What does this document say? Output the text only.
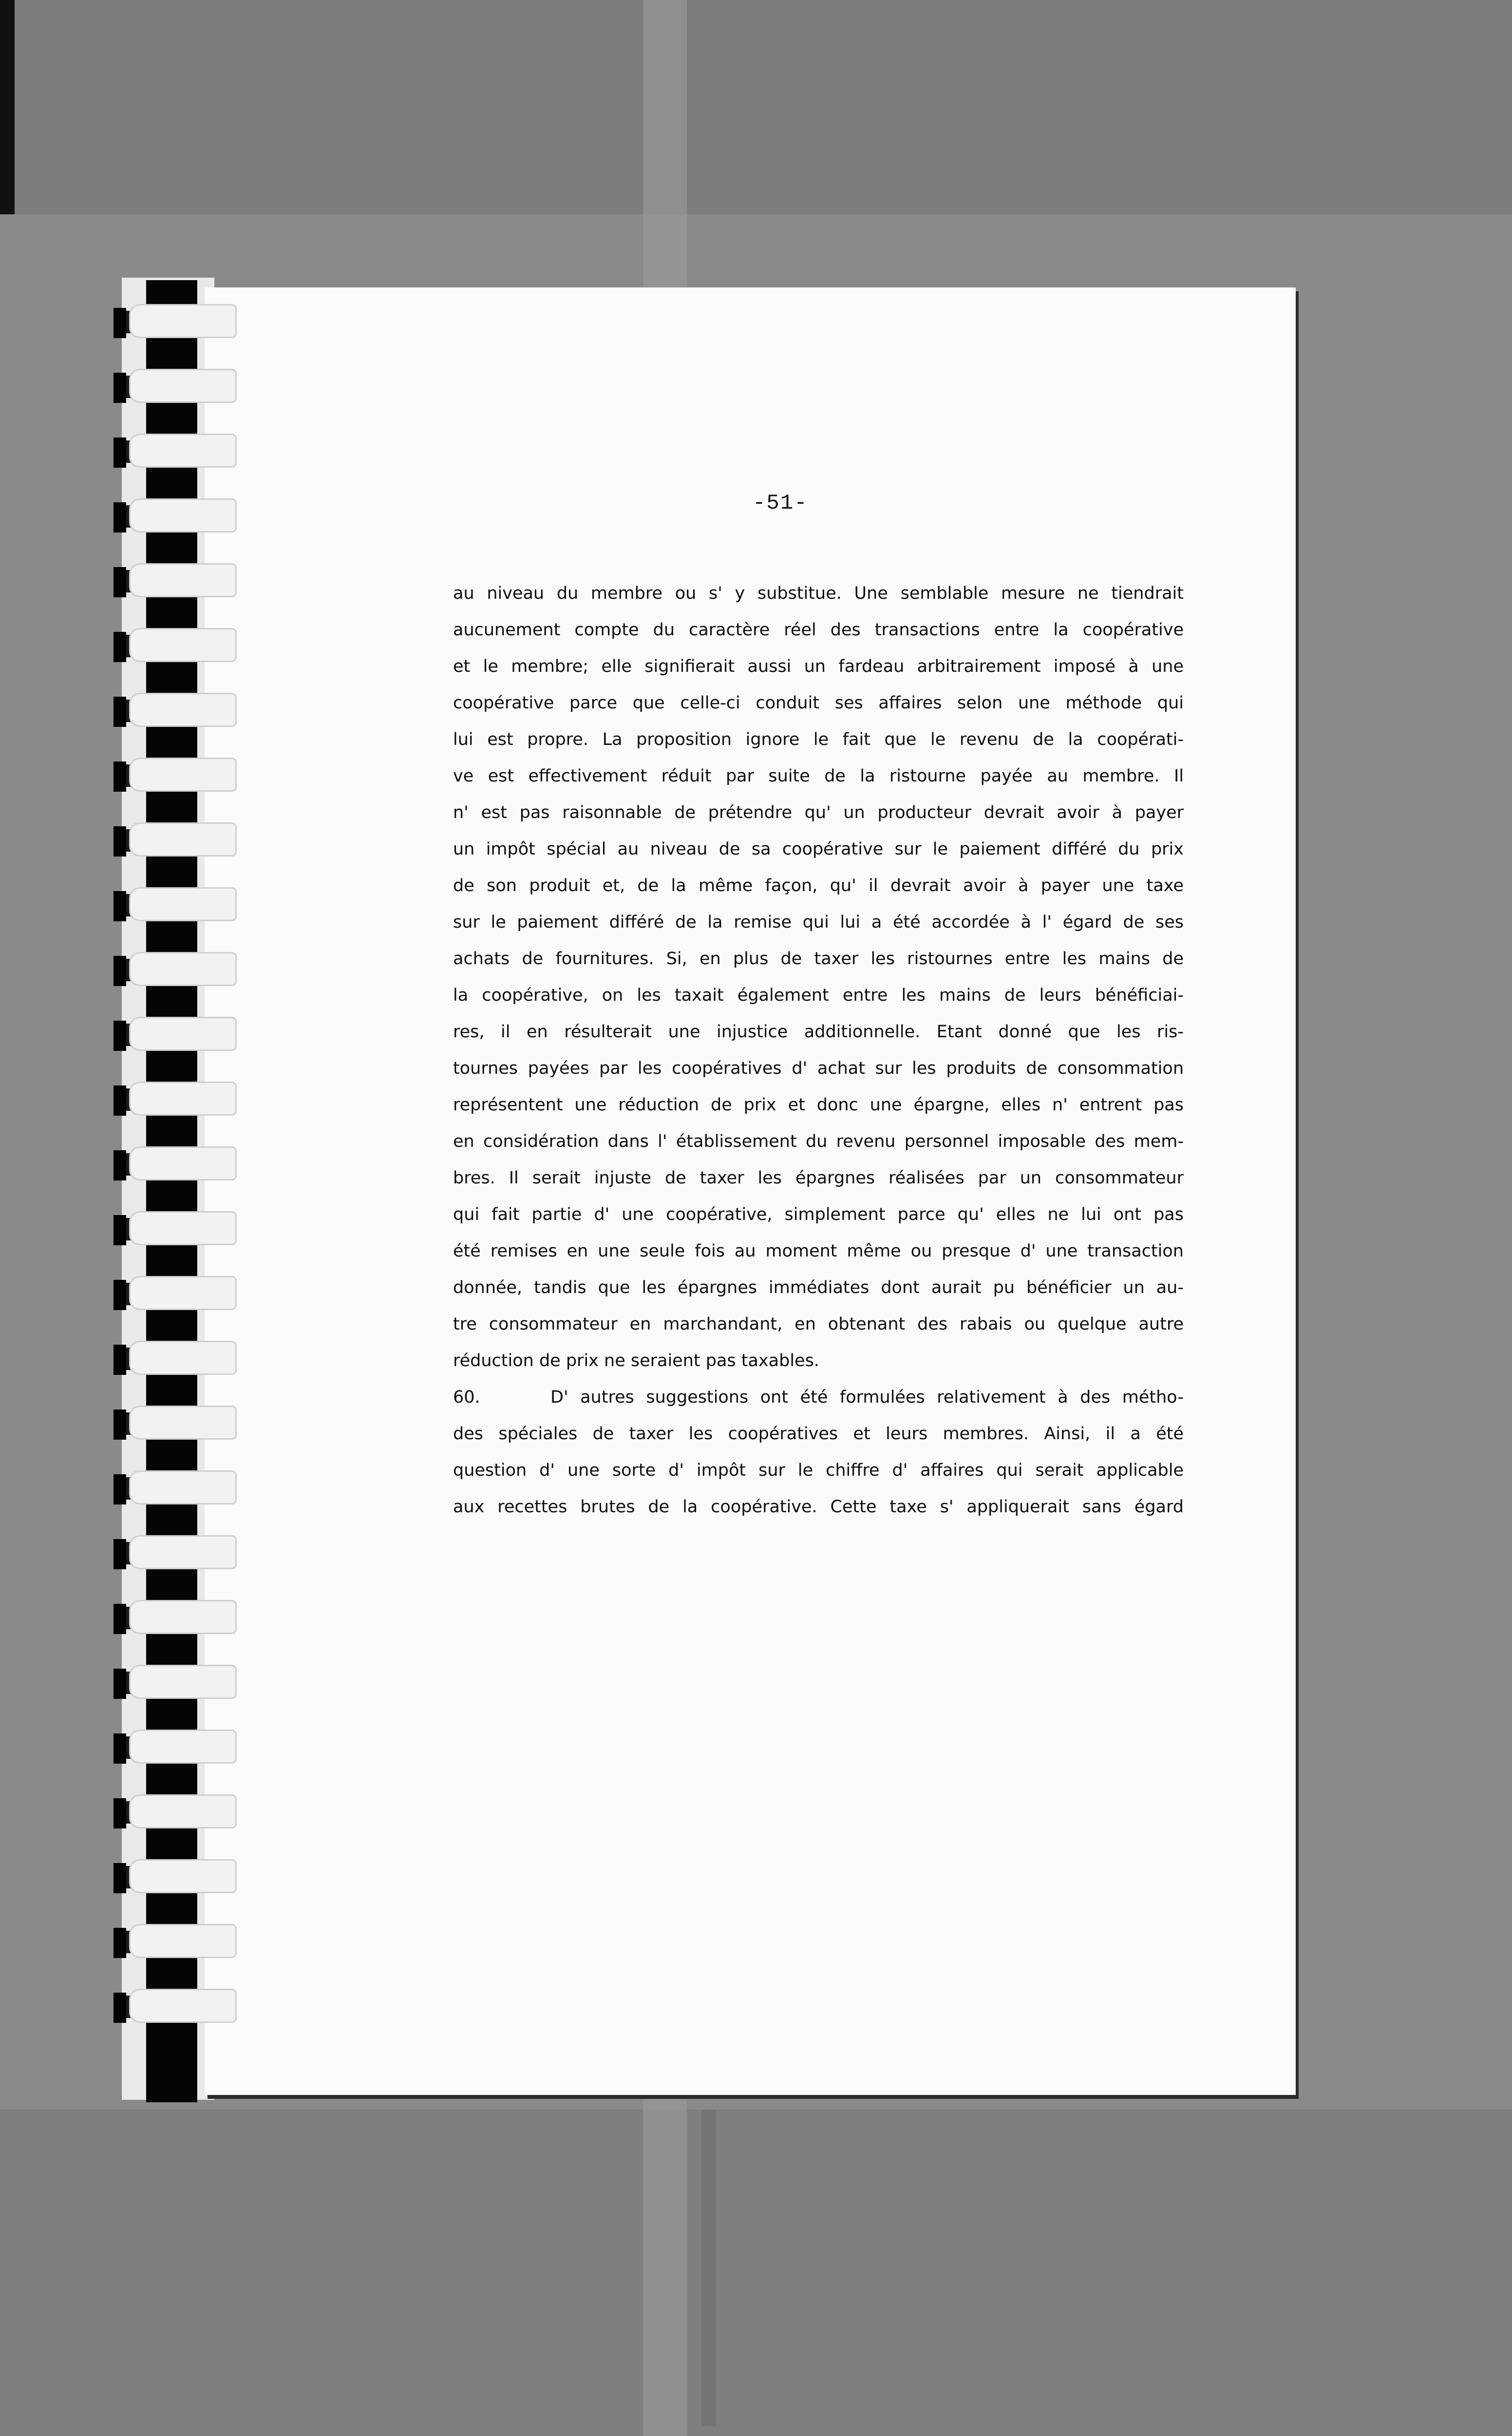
-51-
au niveau du membre ou s' y substitue. Une semblable mesure ne tiendrait
aucunement compte du caractère réel des transactions entre la coopérative
et le membre; elle signifierait aussi un fardeau arbitrairement imposé à une
coopérative parce que celle-ci conduit ses affaires selon une méthode qui
lui est propre. La proposition ignore le fait que le revenu de la coopérati-
ve est effectivement réduit par suite de la ristourne payée au membre. Il
n' est pas raisonnable de prétendre qu' un producteur devrait avoir à payer
un impôt spécial au niveau de sa coopérative sur le paiement différé du prix
de son produit et, de la même façon, qu' il devrait avoir à payer une taxe
sur le paiement différé de la remise qui lui a été accordée à l' égard de ses
achats de fournitures. Si, en plus de taxer les ristournes entre les mains de
la coopérative, on les taxait également entre les mains de leurs bénéficiai-
res, il en résulterait une injustice additionnelle. Etant donné que les ris-
tournes payées par les coopératives d' achat sur les produits de consommation
représentent une réduction de prix et donc une épargne, elles n' entrent pas
en considération dans l' établissement du revenu personnel imposable des mem-
bres. Il serait injuste de taxer les épargnes réalisées par un consommateur
qui fait partie d' une coopérative, simplement parce qu' elles ne lui ont pas
été remises en une seule fois au moment même ou presque d' une transaction
donnée, tandis que les épargnes immédiates dont aurait pu bénéficier un au-
tre consommateur en marchandant, en obtenant des rabais ou quelque autre
réduction de prix ne seraient pas taxables.
60.	D' autres suggestions ont été formulées relativement à des métho-
des spéciales de taxer les coopératives et leurs membres. Ainsi, il a été
question d' une sorte d' impôt sur le chiffre d' affaires qui serait applicable
aux recettes brutes de la coopérative. Cette taxe s' appliquerait sans égard
